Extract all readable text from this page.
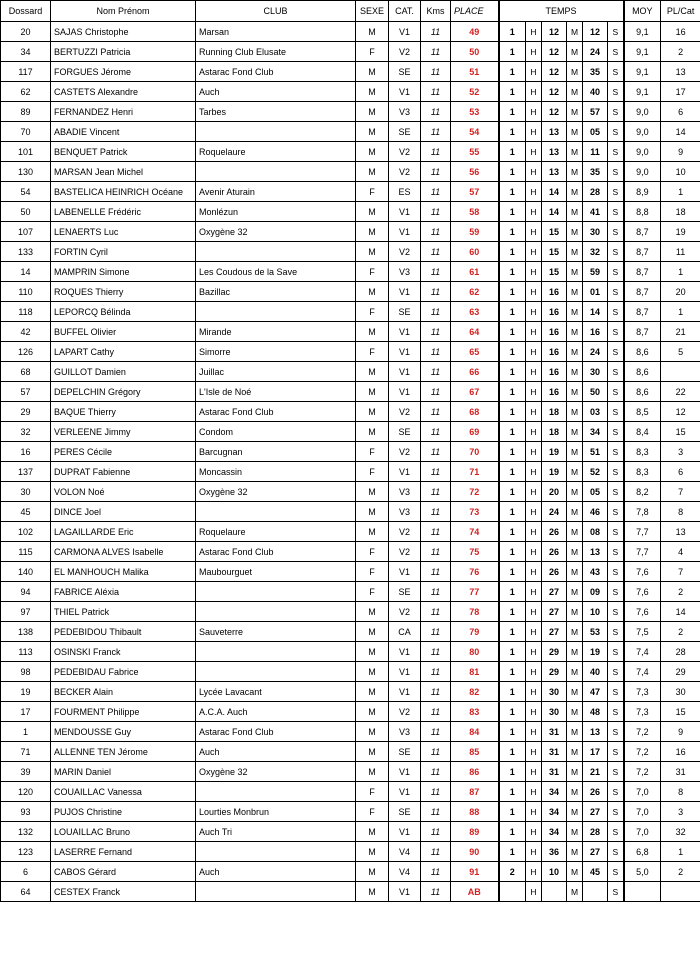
Dossard	Nom Prénom	CLUB	SEXE	CAT.	Kms	PLACE	TEMPS						MOY	PL/Cat
20	SAJAS Christophe	Marsan	M	V1	11	49	1	H	12	M	12	S	9,1	16
34	BERTUZZI Patricia	Running Club Elusate	F	V2	11	50	1	H	12	M	24	S	9,1	2
117	FORGUES Jérome	Astarac Fond Club	M	SE	11	51	1	H	12	M	35	S	9,1	13
62	CASTETS Alexandre	Auch	M	V1	11	52	1	H	12	M	40	S	9,1	17
89	FERNANDEZ Henri	Tarbes	M	V3	11	53	1	H	12	M	57	S	9,0	6
70	ABADIE Vincent		M	SE	11	54	1	H	13	M	05	S	9,0	14
101	BENQUET Patrick	Roquelaure	M	V2	11	55	1	H	13	M	11	S	9,0	9
130	MARSAN Jean Michel		M	V2	11	56	1	H	13	M	35	S	9,0	10
54	BASTELICA HEINRICH Océane	Avenir Aturain	F	ES	11	57	1	H	14	M	28	S	8,9	1
50	LABENELLE Frédéric	Monlézun	M	V1	11	58	1	H	14	M	41	S	8,8	18
107	LENAERTS Luc	Oxygène 32	M	V1	11	59	1	H	15	M	30	S	8,7	19
133	FORTIN Cyril		M	V2	11	60	1	H	15	M	32	S	8,7	11
14	MAMPRIN Simone	Les Coudous de la Save	F	V3	11	61	1	H	15	M	59	S	8,7	1
110	ROQUES Thierry	Bazillac	M	V1	11	62	1	H	16	M	01	S	8,7	20
118	LEPORCQ Bélinda		F	SE	11	63	1	H	16	M	14	S	8,7	1
42	BUFFEL Olivier	Mirande	M	V1	11	64	1	H	16	M	16	S	8,7	21
126	LAPART Cathy	Simorre	F	V1	11	65	1	H	16	M	24	S	8,6	5
68	GUILLOT Damien	Juillac	M	V1	11	66	1	H	16	M	30	S	8,6	
57	DEPELCHIN Grégory	L'Isle de Noé	M	V1	11	67	1	H	16	M	50	S	8,6	22
29	BAQUE Thierry	Astarac Fond Club	M	V2	11	68	1	H	18	M	03	S	8,5	12
32	VERLEENE Jimmy	Condom	M	SE	11	69	1	H	18	M	34	S	8,4	15
16	PERES Cécile	Barcugnan	F	V2	11	70	1	H	19	M	51	S	8,3	3
137	DUPRAT Fabienne	Moncassin	F	V1	11	71	1	H	19	M	52	S	8,3	6
30	VOLON Noé	Oxygène 32	M	V3	11	72	1	H	20	M	05	S	8,2	7
45	DINCE Joel		M	V3	11	73	1	H	24	M	46	S	7,8	8
102	LAGAILLARDE Eric	Roquelaure	M	V2	11	74	1	H	26	M	08	S	7,7	13
115	CARMONA ALVES Isabelle	Astarac Fond Club	F	V2	11	75	1	H	26	M	13	S	7,7	4
140	EL MANHOUCH Malika	Maubourguet	F	V1	11	76	1	H	26	M	43	S	7,6	7
94	FABRICE Aléxia		F	SE	11	77	1	H	27	M	09	S	7,6	2
97	THIEL Patrick		M	V2	11	78	1	H	27	M	10	S	7,6	14
138	PEDEBIDOU Thibault	Sauveterre	M	CA	11	79	1	H	27	M	53	S	7,5	2
113	OSINSKI Franck		M	V1	11	80	1	H	29	M	19	S	7,4	28
98	PEDEBIDAU Fabrice		M	V1	11	81	1	H	29	M	40	S	7,4	29
19	BECKER Alain	Lycée Lavacant	M	V1	11	82	1	H	30	M	47	S	7,3	30
17	FOURMENT Philippe	A.C.A. Auch	M	V2	11	83	1	H	30	M	48	S	7,3	15
1	MENDOUSSE Guy	Astarac Fond Club	M	V3	11	84	1	H	31	M	13	S	7,2	9
71	ALLENNE TEN Jérome	Auch	M	SE	11	85	1	H	31	M	17	S	7,2	16
39	MARIN Daniel	Oxygène 32	M	V1	11	86	1	H	31	M	21	S	7,2	31
120	COUAILLAC Vanessa		F	V1	11	87	1	H	34	M	26	S	7,0	8
93	PUJOS Christine	Lourties Monbrun	F	SE	11	88	1	H	34	M	27	S	7,0	3
132	LOUAILLAC Bruno	Auch Tri	M	V1	11	89	1	H	34	M	28	S	7,0	32
123	LASERRE Fernand		M	V4	11	90	1	H	36	M	27	S	6,8	1
6	CABOS Gérard	Auch	M	V4	11	91	2	H	10	M	45	S	5,0	2
64	CESTEX Franck		M	V1	11	AB		H		M		S		
